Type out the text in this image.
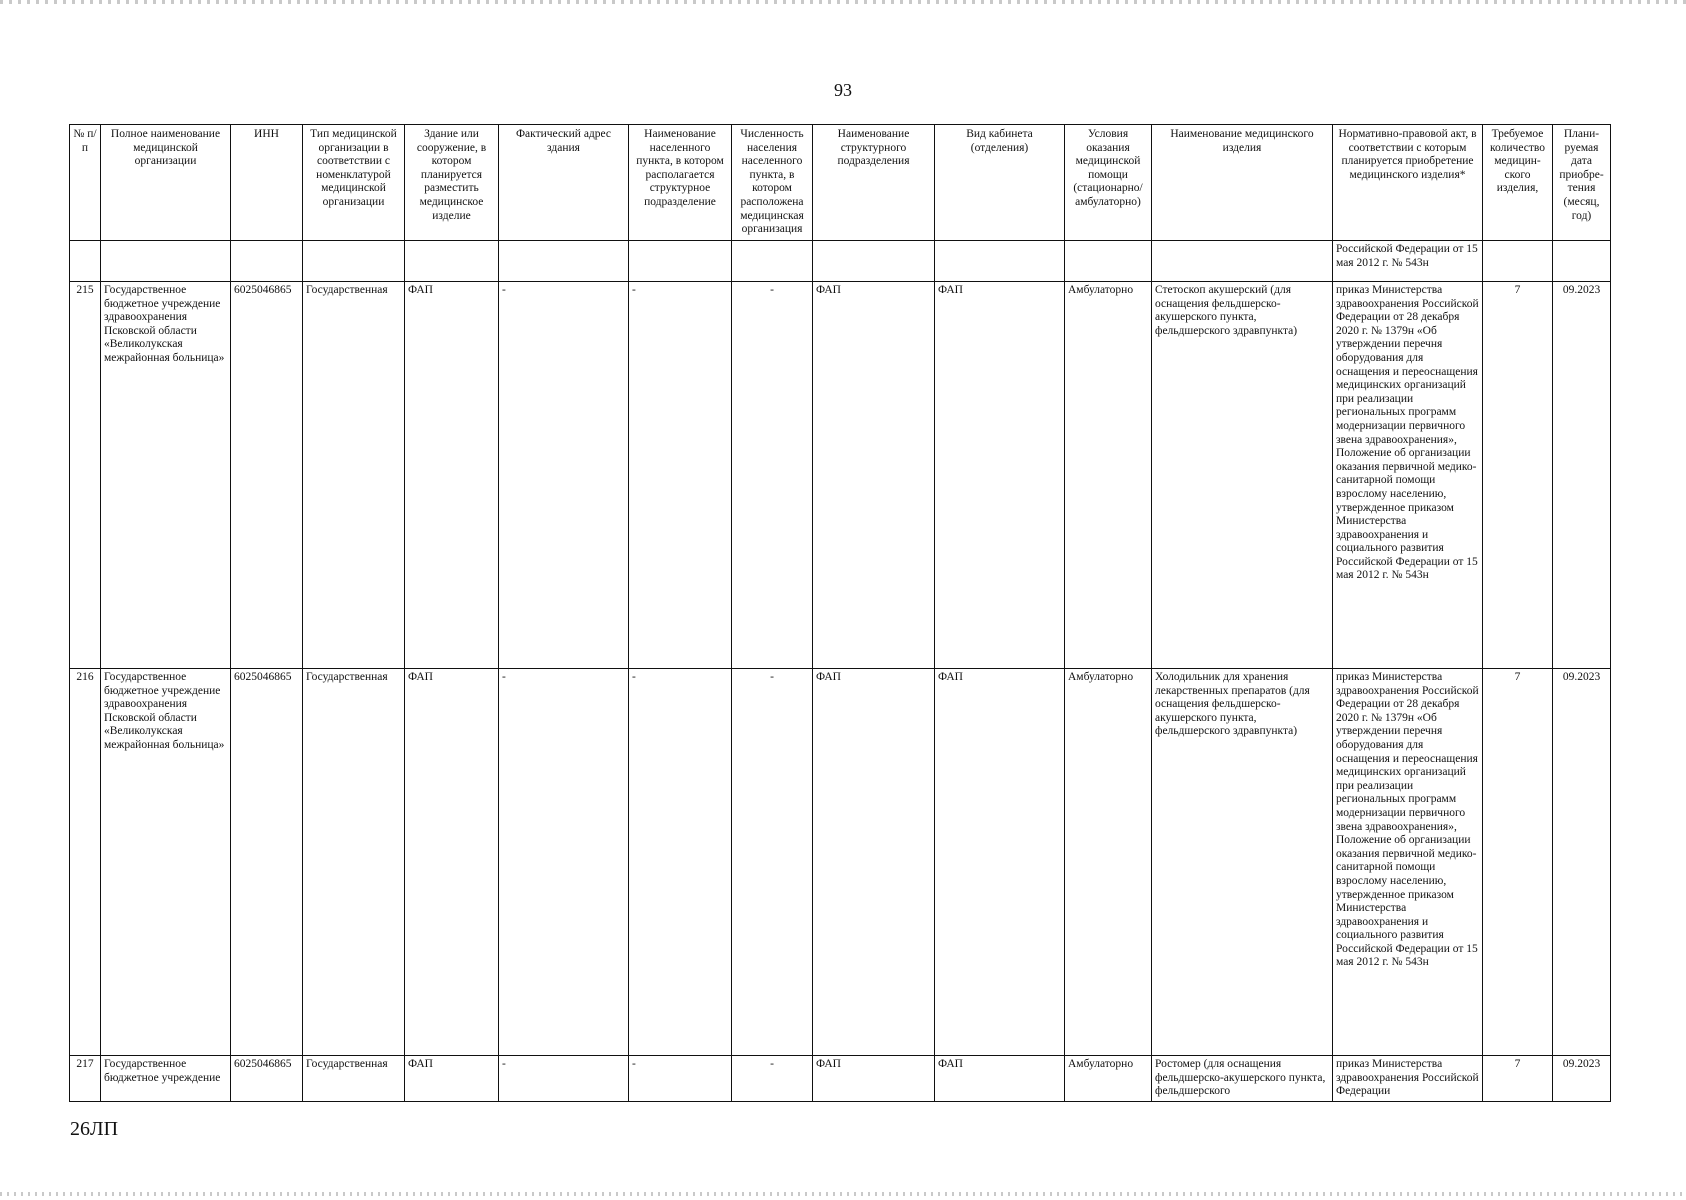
93
№ п/п	Полное наименование медицинской организации	ИНН	Тип медицинской организации в соответствии с номенклатурой медицинской организации	Здание или сооружение, в котором планируется разместить медицинское изделие	Фактический адрес здания	Наименование населенного пункта, в котором располагается структурное подразделение	Численность населения населенного пункта, в котором расположена медицинская организация	Наименование структурного подразделения	Вид кабинета (отделения)	Условия оказания медицинской помощи (стационарно/ амбулаторно)	Наименование медицинского изделия	Нормативно-правовой акт, в соответствии с которым планируется приобретение медицинского изделия*	Требуемое количество медицин-ского изделия,	Плани-руемая дата приобре-тения (месяц, год)
												Российской Федерации от 15 мая 2012 г. № 543н		
215	Государственное бюджетное учреждение здравоохранения Псковской области «Великолукская межрайонная больница»	6025046865	Государственная	ФАП	-	-	-	ФАП	ФАП	Амбулаторно	Стетоскоп акушерский (для оснащения фельдшерско-акушерского пункта, фельдшерского здравпункта)	приказ Министерства здравоохранения Российской Федерации от 28 декабря 2020 г. № 1379н «Об утверждении перечня оборудования для оснащения и переоснащения медицинских организаций при реализации региональных программ модернизации первичного звена здравоохранения», Положение об организации оказания первичной медико-санитарной помощи взрослому населению, утвержденное приказом Министерства здравоохранения и социального развития Российской Федерации от 15 мая 2012 г. № 543н	7	09.2023
216	Государственное бюджетное учреждение здравоохранения Псковской области «Великолукская межрайонная больница»	6025046865	Государственная	ФАП	-	-	-	ФАП	ФАП	Амбулаторно	Холодильник для хранения лекарственных препаратов (для оснащения фельдшерско-акушерского пункта, фельдшерского здравпункта)	приказ Министерства здравоохранения Российской Федерации от 28 декабря 2020 г. № 1379н «Об утверждении перечня оборудования для оснащения и переоснащения медицинских организаций при реализации региональных программ модернизации первичного звена здравоохранения», Положение об организации оказания первичной медико-санитарной помощи взрослому населению, утвержденное приказом Министерства здравоохранения и социального развития Российской Федерации от 15 мая 2012 г. № 543н	7	09.2023
217	Государственное бюджетное учреждение	6025046865	Государственная	ФАП	-	-	-	ФАП	ФАП	Амбулаторно	Ростомер (для оснащения фельдшерско-акушерского пункта, фельдшерского	приказ Министерства здравоохранения Российской Федерации	7	09.2023
26ЛП
